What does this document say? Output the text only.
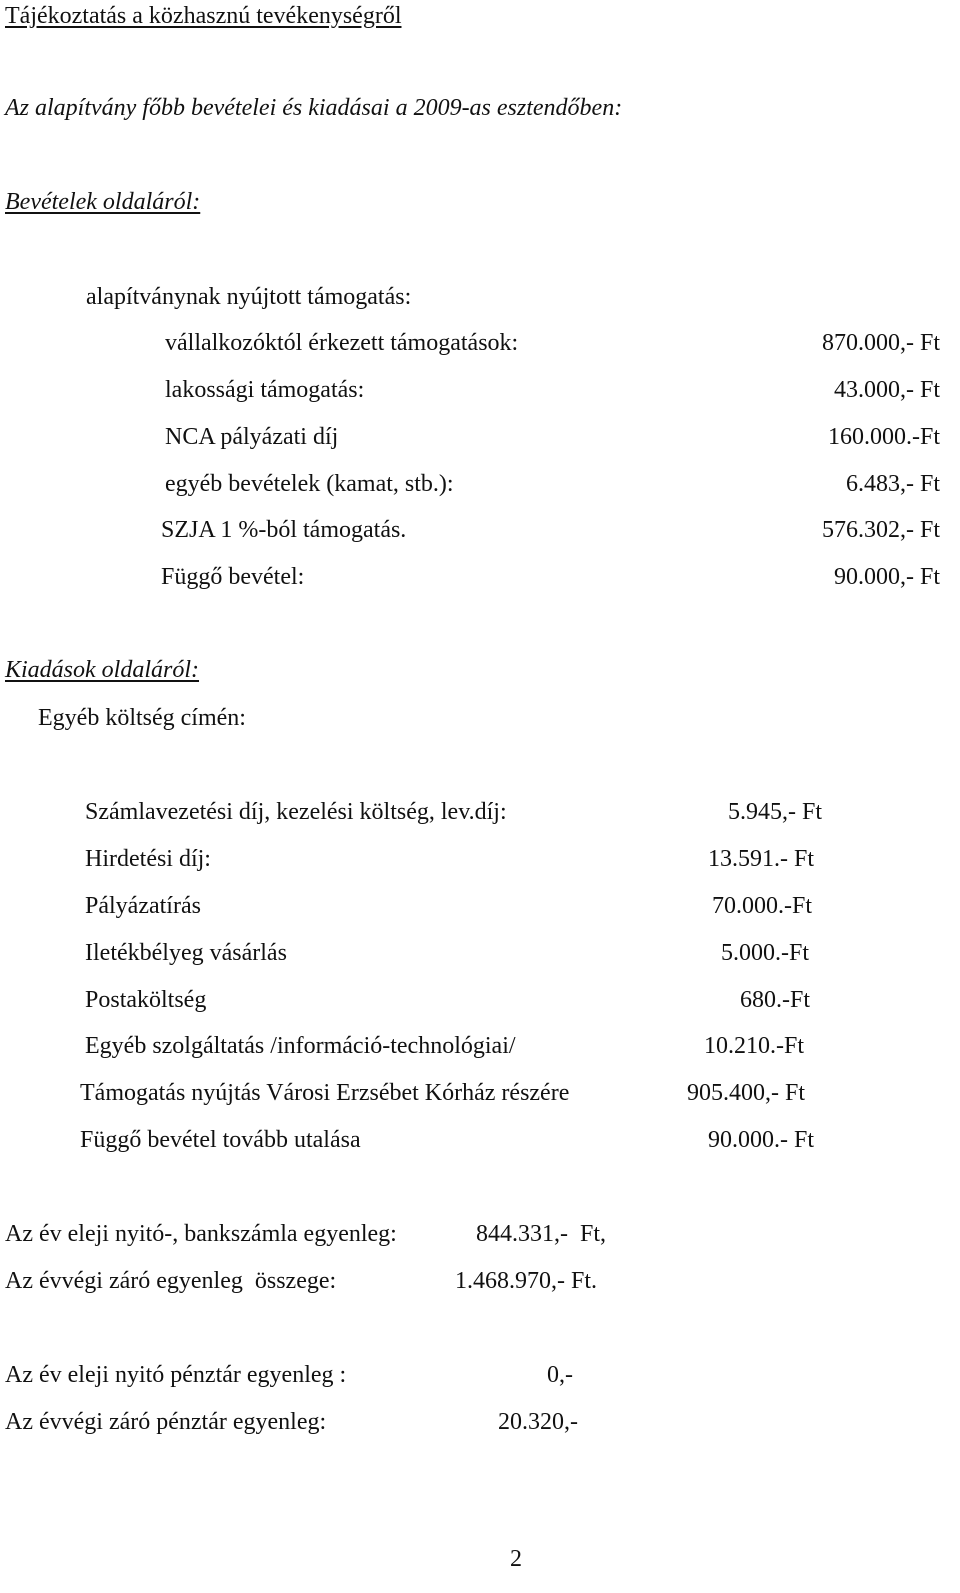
Tájékoztatás a közhasznú tevékenységről
Az alapítvány főbb bevételei és kiadásai a 2009-as esztendőben:
Bevételek oldaláról:
alapítványnak nyújtott támogatás:
vállalkozóktól érkezett támogatások:	870.000,- Ft
lakossági támogatás:	43.000,- Ft
NCA pályázati díj	160.000.-Ft
egyéb bevételek (kamat, stb.):	6.483,- Ft
SZJA 1 %-ból támogatás.	576.302,- Ft
Függő bevétel:	90.000,- Ft
Kiadások oldaláról:
Egyéb költség címén:
Számlavezetési díj, kezelési költség, lev.díj:	5.945,- Ft
Hirdetési díj:	13.591.- Ft
Pályázatírás	70.000.-Ft
Iletékbélyeg vásárlás	5.000.-Ft
Postaköltség	680.-Ft
Egyéb szolgáltatás /információ-technológiai/	10.210.-Ft
Támogatás nyújtás Városi Erzsébet Kórház részére	905.400,- Ft
Függő bevétel tovább utalása	90.000.- Ft
Az év eleji nyitó-, bankszámla egyenleg:	844.331,-  Ft,
Az évvégi záró egyenleg  összege:	1.468.970,- Ft.
Az év eleji nyitó pénztár egyenleg :	0,-
Az évvégi záró pénztár egyenleg:	20.320,-
2
